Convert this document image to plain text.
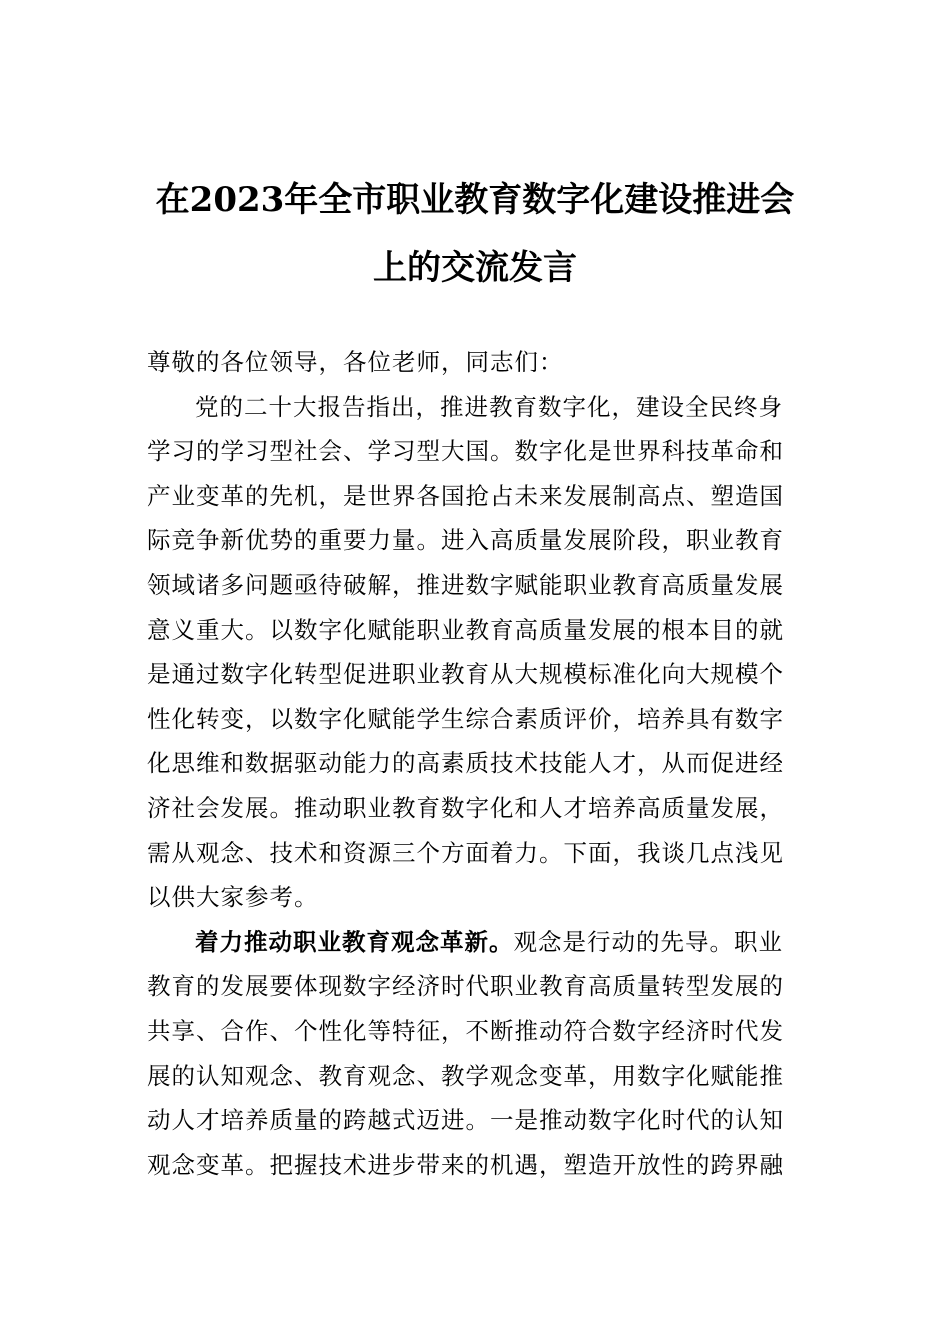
在2023年全市职业教育数字化建设推进会
上的交流发言
尊敬的各位领导，各位老师，同志们：
党的二十大报告指出，推进教育数字化，建设全民终身
学习的学习型社会、学习型大国。数字化是世界科技革命和
产业变革的先机，是世界各国抢占未来发展制高点、塑造国
际竞争新优势的重要力量。进入高质量发展阶段，职业教育
领域诸多问题亟待破解，推进数字赋能职业教育高质量发展
意义重大。以数字化赋能职业教育高质量发展的根本目的就
是通过数字化转型促进职业教育从大规模标准化向大规模个
性化转变，以数字化赋能学生综合素质评价，培养具有数字
化思维和数据驱动能力的高素质技术技能人才，从而促进经
济社会发展。推动职业教育数字化和人才培养高质量发展，
需从观念、技术和资源三个方面着力。下面，我谈几点浅见
以供大家参考。
着力推动职业教育观念革新。观念是行动的先导。职业
教育的发展要体现数字经济时代职业教育高质量转型发展的
共享、合作、个性化等特征，不断推动符合数字经济时代发
展的认知观念、教育观念、教学观念变革，用数字化赋能推
动人才培养质量的跨越式迈进。一是推动数字化时代的认知
观念变革。把握技术进步带来的机遇，塑造开放性的跨界融
